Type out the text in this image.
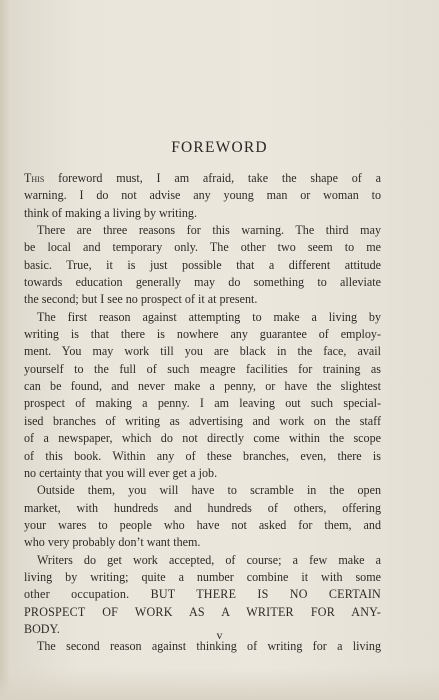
FOREWORD

This foreword must, I am afraid, take the shape of a
warning. I do not advise any young man or woman to
think of making a living by writing.

There are three reasons for this warning. The third may
be local and temporary only. The other two seem to me
basic. True, it is just possible that a different attitude
towards education generally may do something to alleviate
the second; but I see no prospect of it at present.

The first reason against attempting to make a living by
writing is that there is nowhere any guarantee of employ-
ment. You may work till you are black in the face, avail
yourself to the full of such meagre facilities for training as
can be found, and never make a penny, or have the slightest
prospect of making a penny. I am leaving out such special-
ised branches of writing as advertising and work on the staff
of a newspaper, which do not directly come within the scope
of this book. Within any of these branches, even, there is
no certainty that you will ever get a job.

Outside them, you will have to scramble in the open
market, with hundreds and hundreds of others, offering
your wares to people who have not asked for them, and
who very probably don’t want them.

Writers do get work accepted, of course; a few make a
living by writing; quite a number combine it with some
other occupation. BUT THERE IS NO CERTAIN
PROSPECT OF WORK AS A WRITER FOR ANY-
BODY.

The second reason against thinking of writing for a living

v
